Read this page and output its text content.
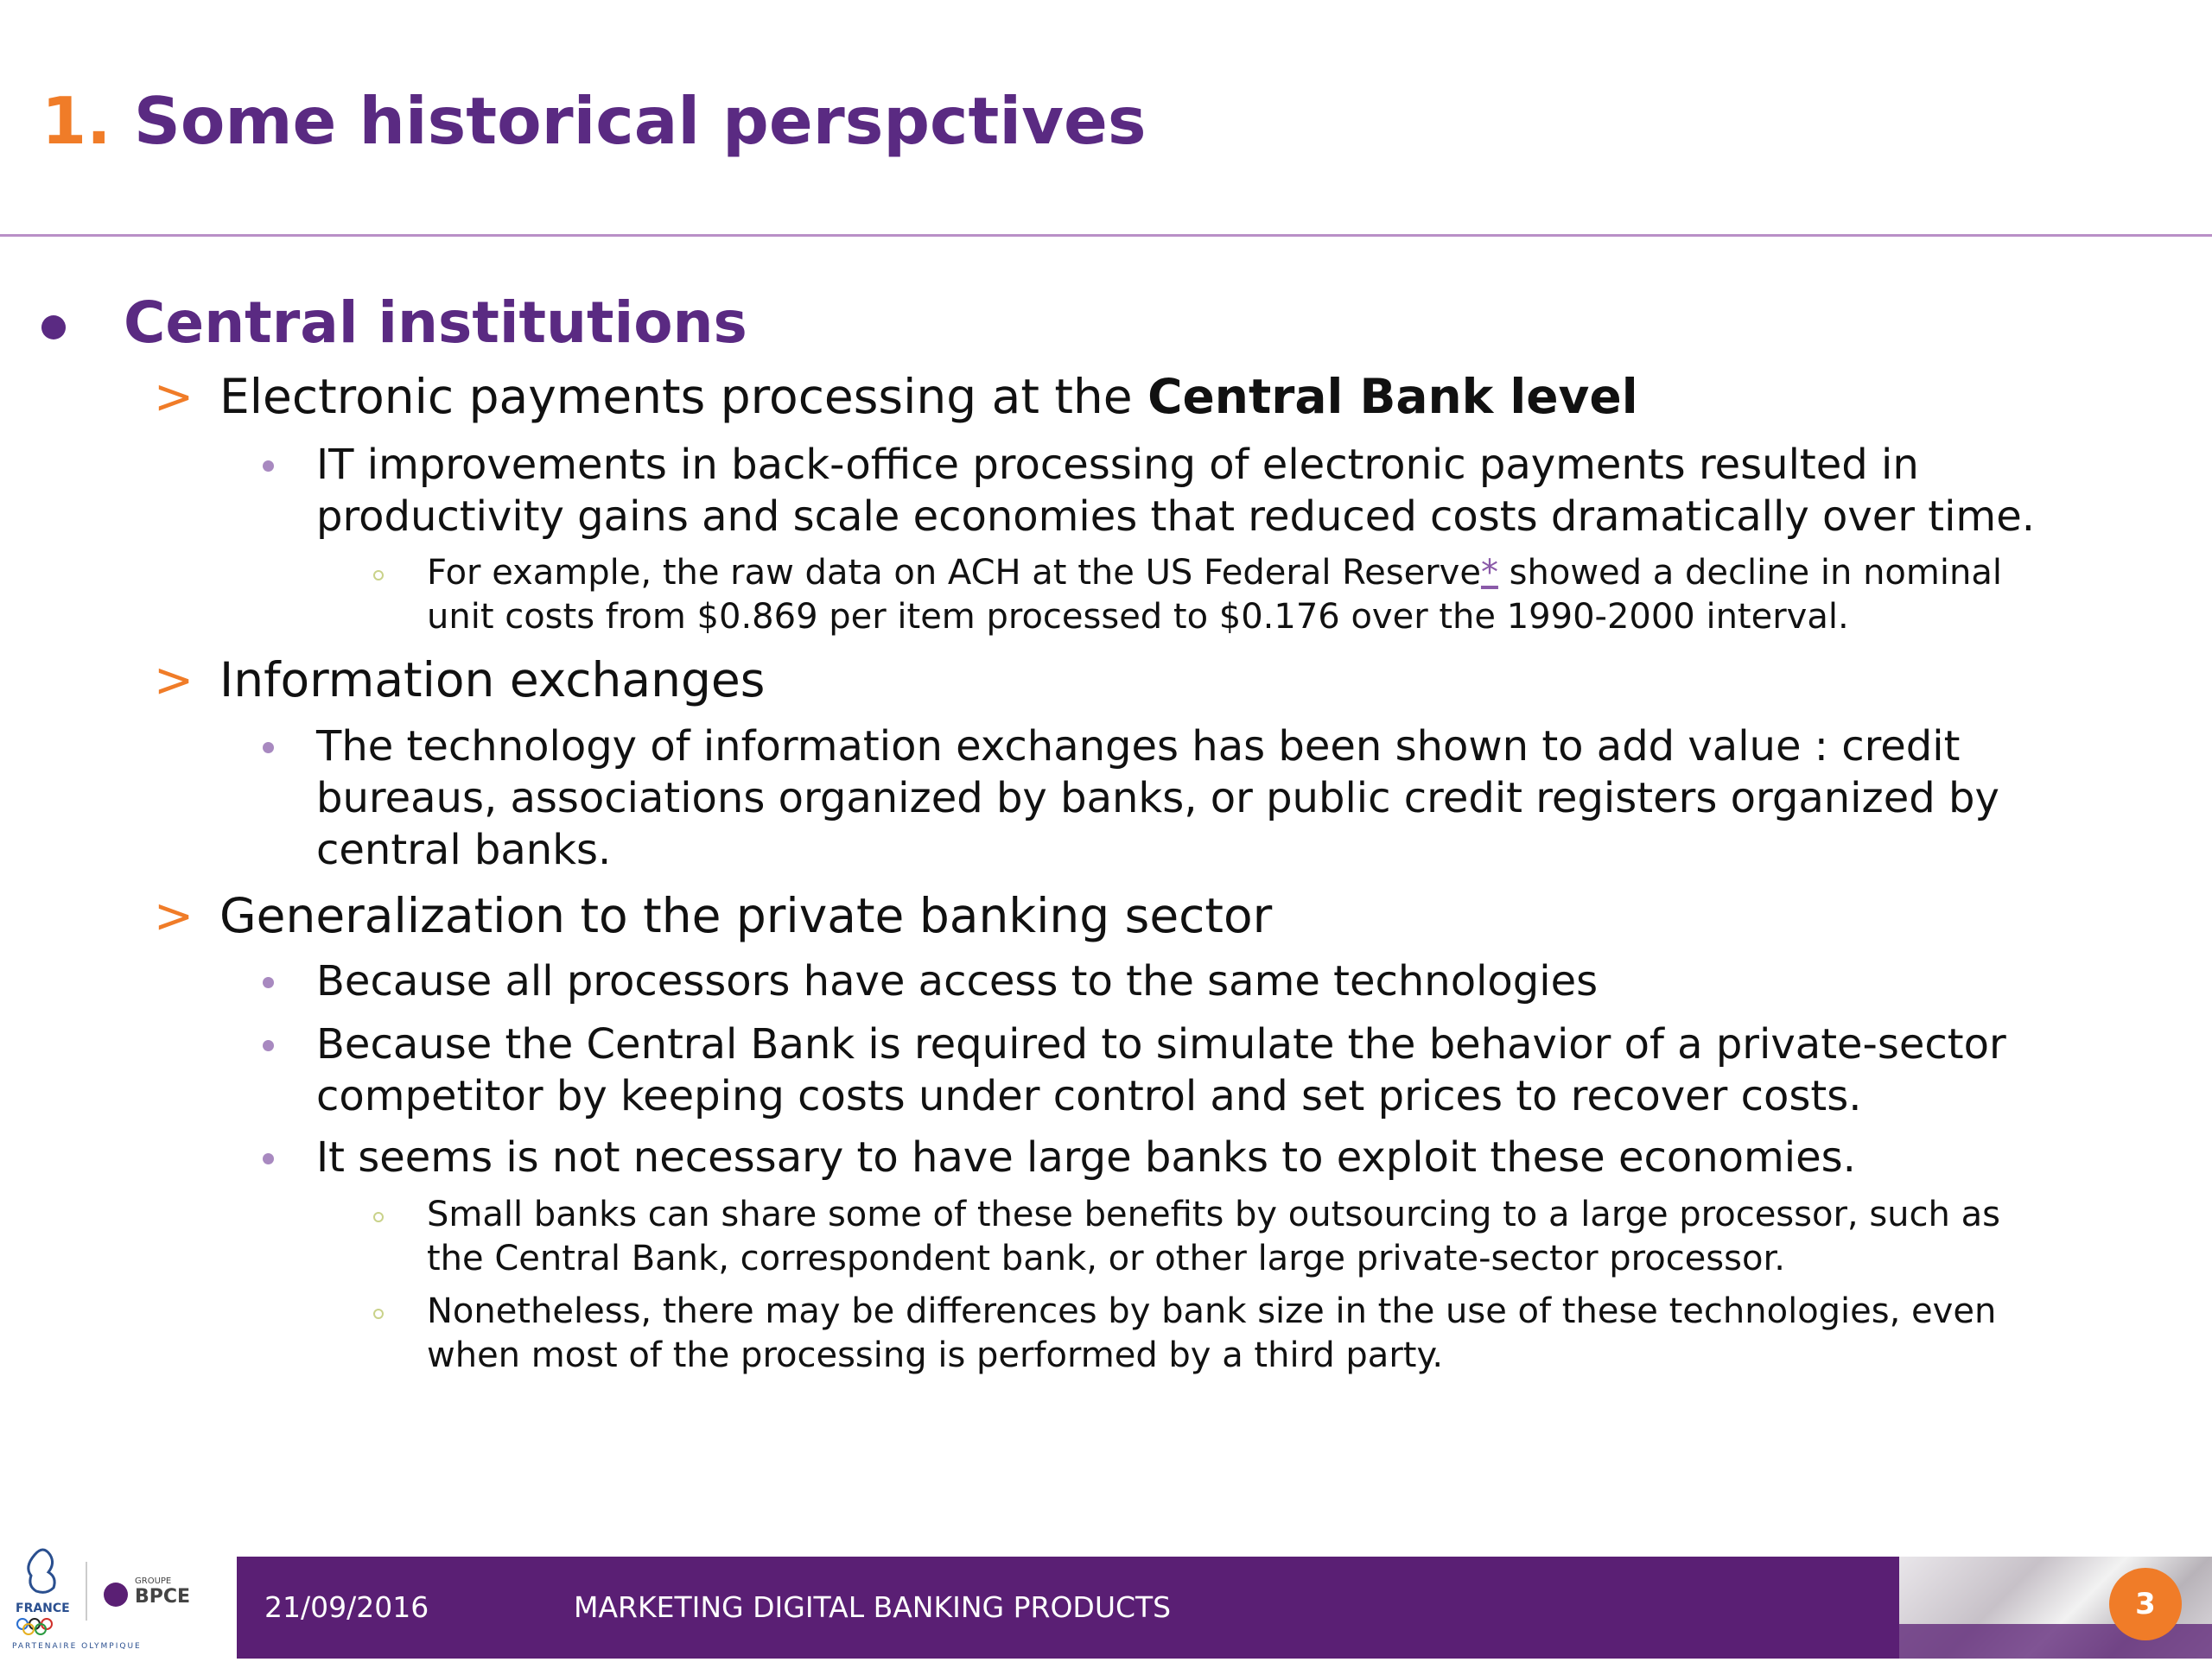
1. Some historical perspctives
Central institutions
> Electronic payments processing at the Central Bank level
IT improvements in back-office processing of electronic payments resulted in
productivity gains and scale economies that reduced costs dramatically over time.
For example, the raw data on ACH at the US Federal Reserve* showed a decline in nominal
unit costs from $0.869 per item processed to $0.176 over the 1990-2000 interval.
> Information exchanges
The technology of information exchanges has been shown to add value : credit
bureaus, associations organized by banks, or public credit registers organized by
central banks.
> Generalization to the private banking sector
Because all processors have access to the same technologies
Because the Central Bank is required to simulate the behavior of a private-sector
competitor by keeping costs under control and set prices to recover costs.
It seems is not necessary to have large banks to exploit these economies.
Small banks can share some of these benefits by outsourcing to a large processor, such as
the Central Bank, correspondent bank, or other large private-sector processor.
Nonetheless, there may be differences by bank size in the use of these technologies, even
when most of the processing is performed by a third party.
FRANCE
GROUPE
BPCE
PARTENAIRE OLYMPIQUE
21/09/2016	MARKETING DIGITAL BANKING PRODUCTS	3
